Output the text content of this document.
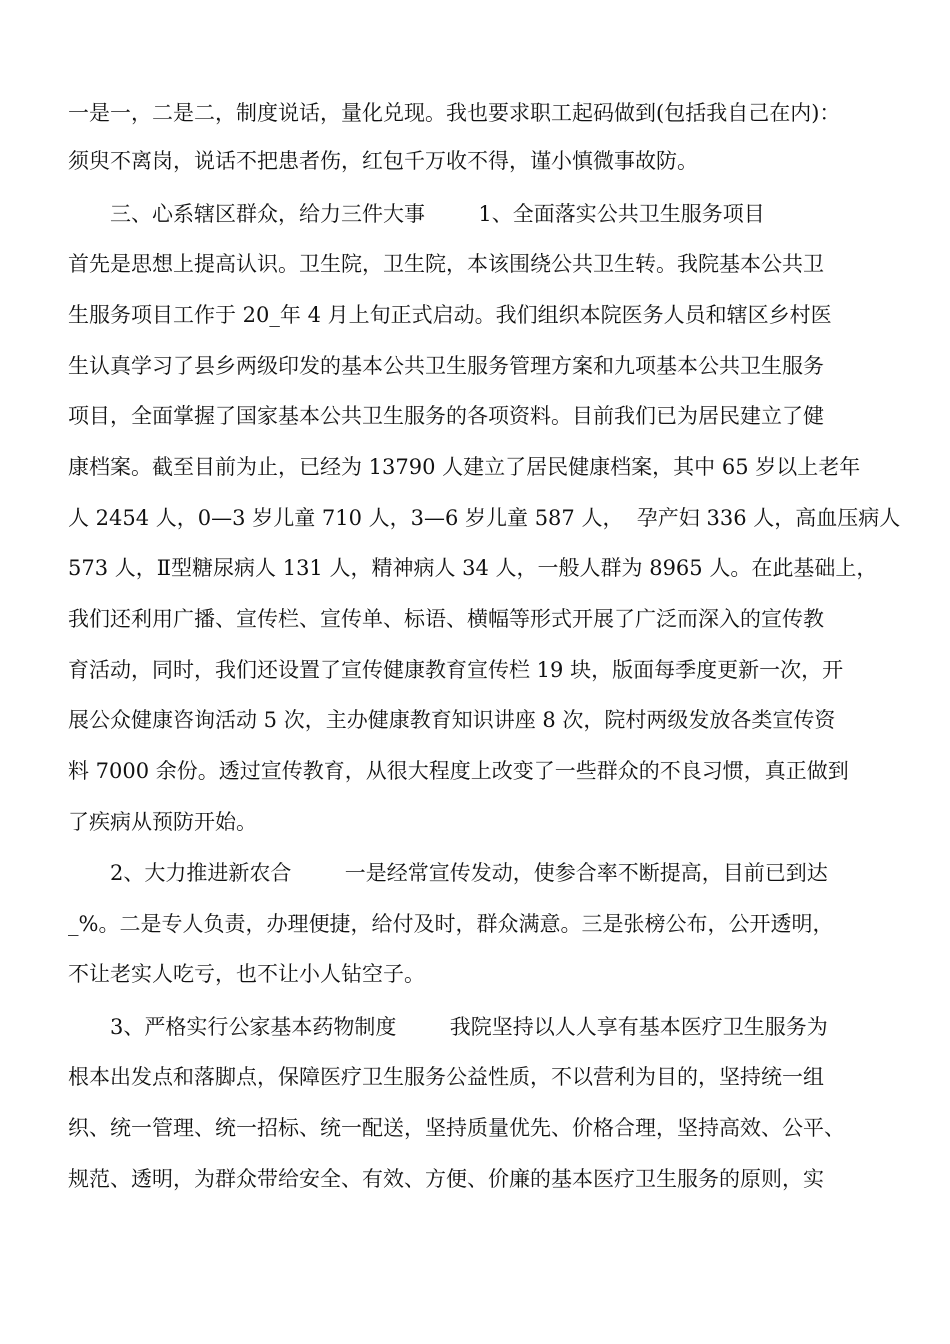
一是一，二是二，制度说话，量化兑现。我也要求职工起码做到(包括我自己在内)：
须臾不离岗，说话不把患者伤，红包千万收不得，谨小慎微事故防。
三、心系辖区群众，给力三件大事        1、全面落实公共卫生服务项目
首先是思想上提高认识。卫生院，卫生院，本该围绕公共卫生转。我院基本公共卫
生服务项目工作于 20_年 4 月上旬正式启动。我们组织本院医务人员和辖区乡村医
生认真学习了县乡两级印发的基本公共卫生服务管理方案和九项基本公共卫生服务
项目，全面掌握了国家基本公共卫生服务的各项资料。目前我们已为居民建立了健
康档案。截至目前为止，已经为 13790 人建立了居民健康档案，其中 65 岁以上老年
人 2454 人，0—3 岁儿童 710 人，3—6 岁儿童 587 人，  孕产妇 336 人，高血压病人
573 人，Ⅱ型糖尿病人 131 人，精神病人 34 人，一般人群为 8965 人。在此基础上，
我们还利用广播、宣传栏、宣传单、标语、横幅等形式开展了广泛而深入的宣传教
育活动，同时，我们还设置了宣传健康教育宣传栏 19 块，版面每季度更新一次，开
展公众健康咨询活动 5 次，主办健康教育知识讲座 8 次，院村两级发放各类宣传资
料 7000 余份。透过宣传教育，从很大程度上改变了一些群众的不良习惯，真正做到
了疾病从预防开始。
2、大力推进新农合        一是经常宣传发动，使参合率不断提高，目前已到达
_%。二是专人负责，办理便捷，给付及时，群众满意。三是张榜公布，公开透明，
不让老实人吃亏，也不让小人钻空子。
3、严格实行公家基本药物制度        我院坚持以人人享有基本医疗卫生服务为
根本出发点和落脚点，保障医疗卫生服务公益性质，不以营利为目的，坚持统一组
织、统一管理、统一招标、统一配送，坚持质量优先、价格合理，坚持高效、公平、
规范、透明，为群众带给安全、有效、方便、价廉的基本医疗卫生服务的原则，实
